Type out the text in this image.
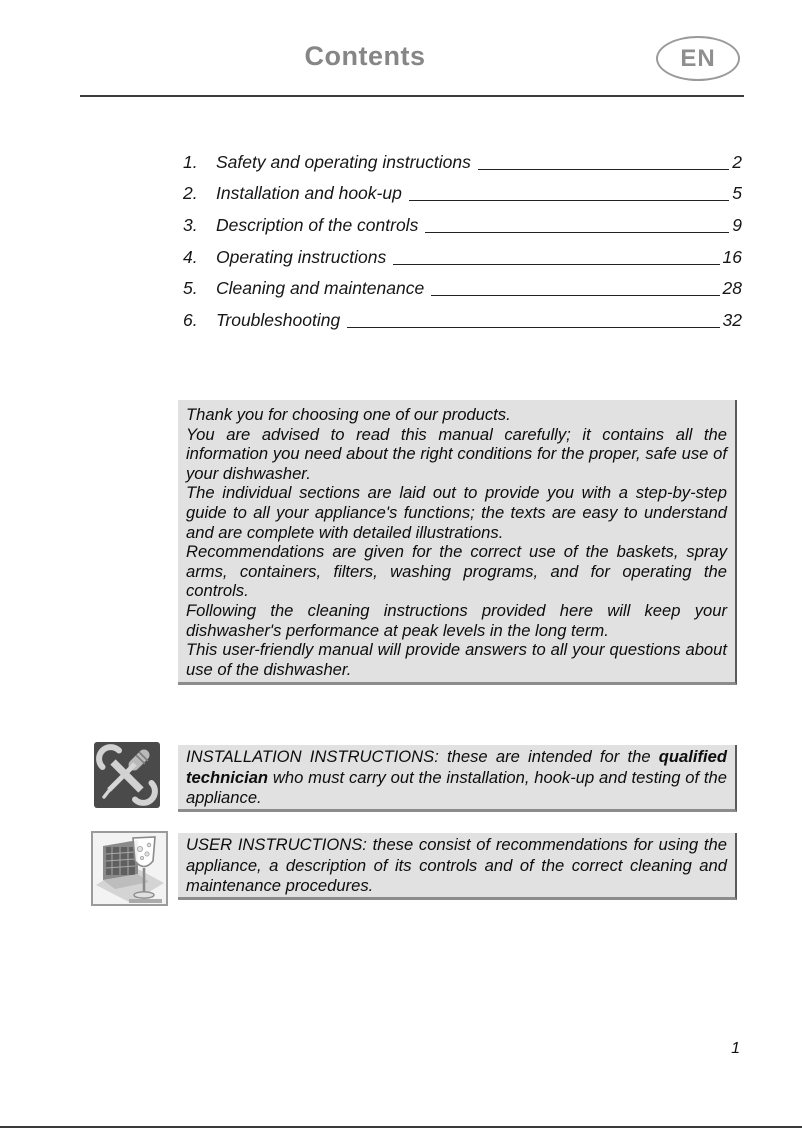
Contents	EN
1.	Safety and operating instructions	2
2.	Installation and hook-up	5
3.	Description of the controls	9
4.	Operating instructions	16
5.	Cleaning and maintenance	28
6.	Troubleshooting	32

Thank you for choosing one of our products.

You are advised to read this manual carefully; it contains all the information you need about the right conditions for the proper, safe use of your dishwasher.

The individual sections are laid out to provide you with a step-by-step guide to all your appliance's functions; the texts are easy to understand and are complete with detailed illustrations.

Recommendations are given for the correct use of the baskets, spray arms, containers, filters, washing programs, and for operating the controls.

Following the cleaning instructions provided here will keep your dishwasher's performance at peak levels in the long term.

This user-friendly manual will provide answers to all your questions about use of the dishwasher.

INSTALLATION INSTRUCTIONS: these are intended for the qualified technician who must carry out the installation, hook-up and testing of the appliance.
USER INSTRUCTIONS: these consist of recommendations for using the appliance, a description of its controls and of the correct cleaning and maintenance procedures.
1
